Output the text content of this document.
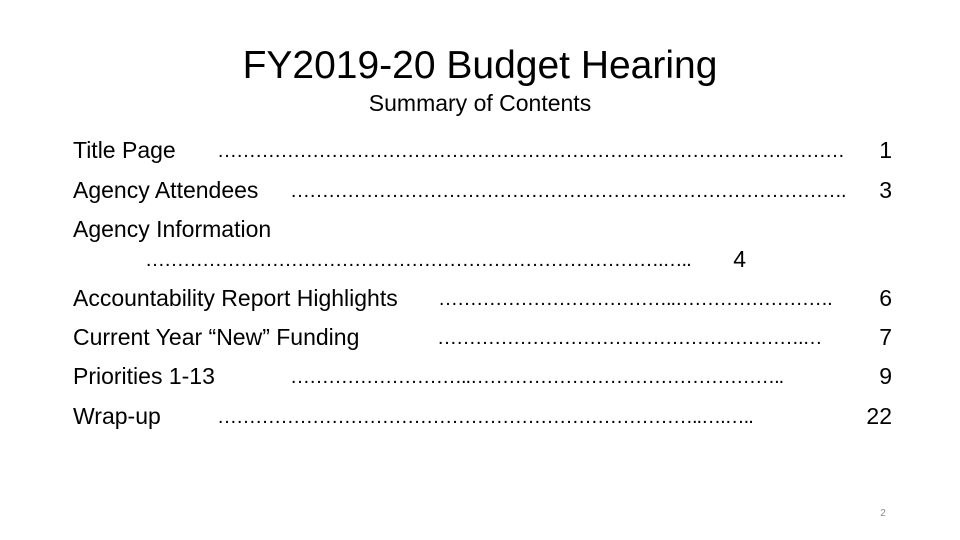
FY2019-20 Budget Hearing
Summary of Contents
Title Page ………………………………………………………………………………………	1
Agency Attendees …………………………………………………………………………….	3
Agency Information
……………………………………………………………………….…..	4
Accountability Report Highlights ………………………………..…………………….	6
Current Year “New” Funding	………………………………………………….…	7
Priorities 1-13	………………………..…………………………………………..	9
Wrap-up	…………………………………………………………………..….…..	22
2
